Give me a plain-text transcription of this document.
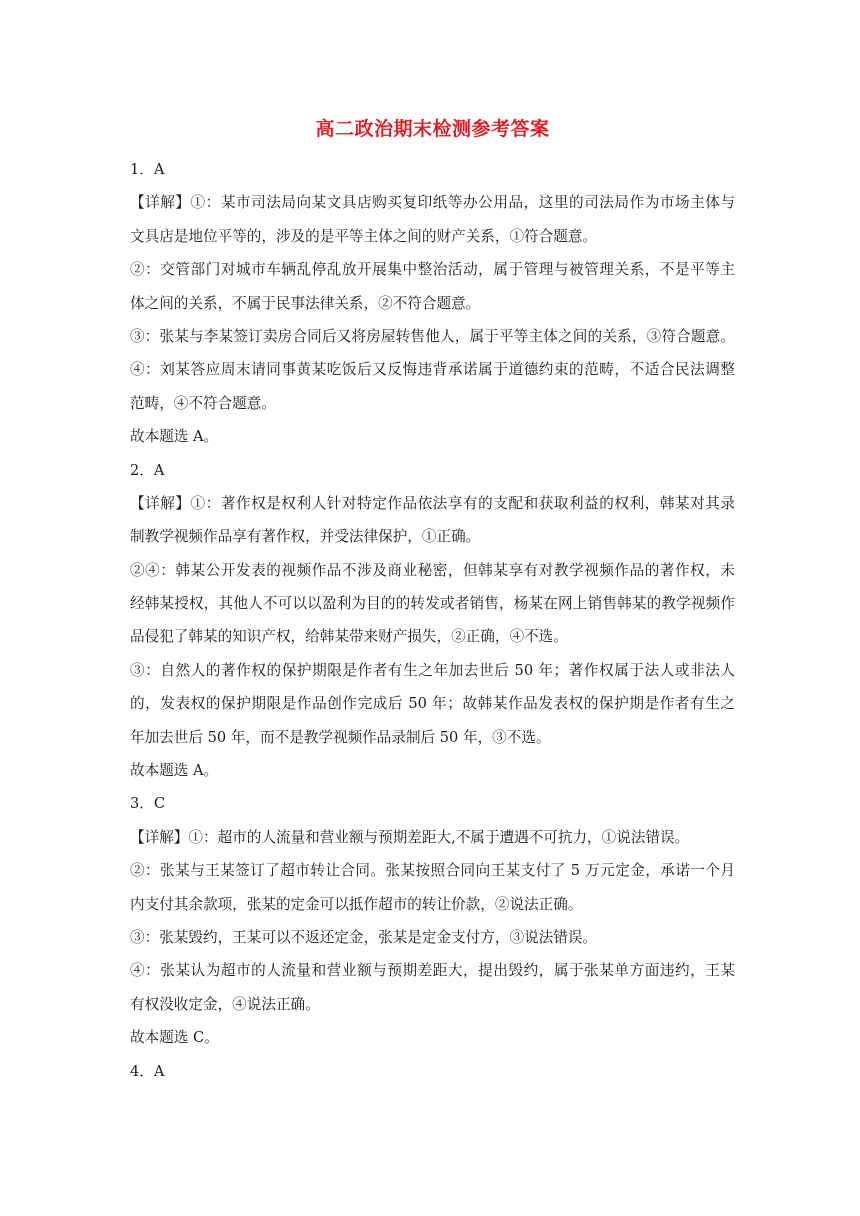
高二政治期末检测参考答案
1．A
【详解】①：某市司法局向某文具店购买复印纸等办公用品，这里的司法局作为市场主体与
文具店是地位平等的，涉及的是平等主体之间的财产关系，①符合题意。
②：交管部门对城市车辆乱停乱放开展集中整治活动，属于管理与被管理关系，不是平等主
体之间的关系，不属于民事法律关系，②不符合题意。
③：张某与李某签订卖房合同后又将房屋转售他人，属于平等主体之间的关系，③符合题意。
④：刘某答应周末请同事黄某吃饭后又反悔违背承诺属于道德约束的范畴，不适合民法调整
范畴，④不符合题意。
故本题选 A。
2．A
【详解】①：著作权是权利人针对特定作品依法享有的支配和获取利益的权利，韩某对其录
制教学视频作品享有著作权，并受法律保护，①正确。
②④：韩某公开发表的视频作品不涉及商业秘密，但韩某享有对教学视频作品的著作权，未
经韩某授权，其他人不可以以盈利为目的的转发或者销售，杨某在网上销售韩某的教学视频作
品侵犯了韩某的知识产权，给韩某带来财产损失，②正确，④不选。
③：自然人的著作权的保护期限是作者有生之年加去世后 50 年；著作权属于法人或非法人
的，发表权的保护期限是作品创作完成后 50 年；故韩某作品发表权的保护期是作者有生之
年加去世后 50 年，而不是教学视频作品录制后 50 年，③不选。
故本题选 A。
3．C
【详解】①：超市的人流量和营业额与预期差距大,不属于遭遇不可抗力，①说法错误。
②：张某与王某签订了超市转让合同。张某按照合同向王某支付了 5 万元定金，承诺一个月
内支付其余款项，张某的定金可以抵作超市的转让价款，②说法正确。
③：张某毁约，王某可以不返还定金，张某是定金支付方，③说法错误。
④：张某认为超市的人流量和营业额与预期差距大，提出毁约，属于张某单方面违约，王某
有权没收定金，④说法正确。
故本题选 C。
4．A
